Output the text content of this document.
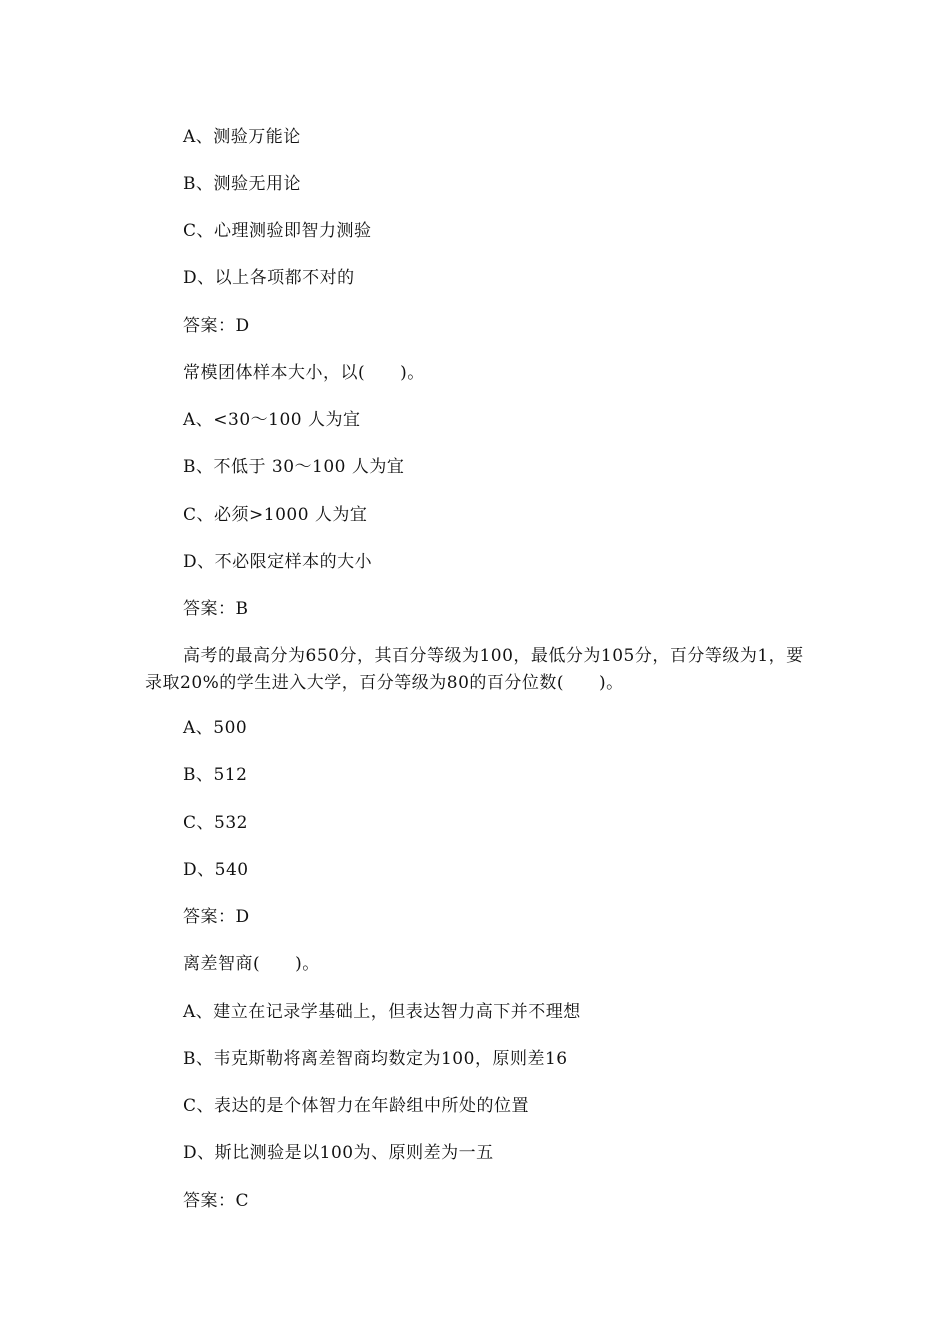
A、测验万能论
B、测验无用论
C、心理测验即智力测验
D、以上各项都不对的
答案：D
常模团体样本大小，以(　　)。
A、<30～100 人为宜
B、不低于 30～100 人为宜
C、必须>1000 人为宜
D、不必限定样本的大小
答案：B
高考的最高分为650分，其百分等级为100，最低分为105分，百分等级为1，要录取20%的学生进入大学，百分等级为80的百分位数(　　)。
A、500
B、512
C、532
D、540
答案：D
离差智商(　　)。
A、建立在记录学基础上，但表达智力高下并不理想
B、韦克斯勒将离差智商均数定为100，原则差16
C、表达的是个体智力在年龄组中所处的位置
D、斯比测验是以100为、原则差为一五
答案：C
